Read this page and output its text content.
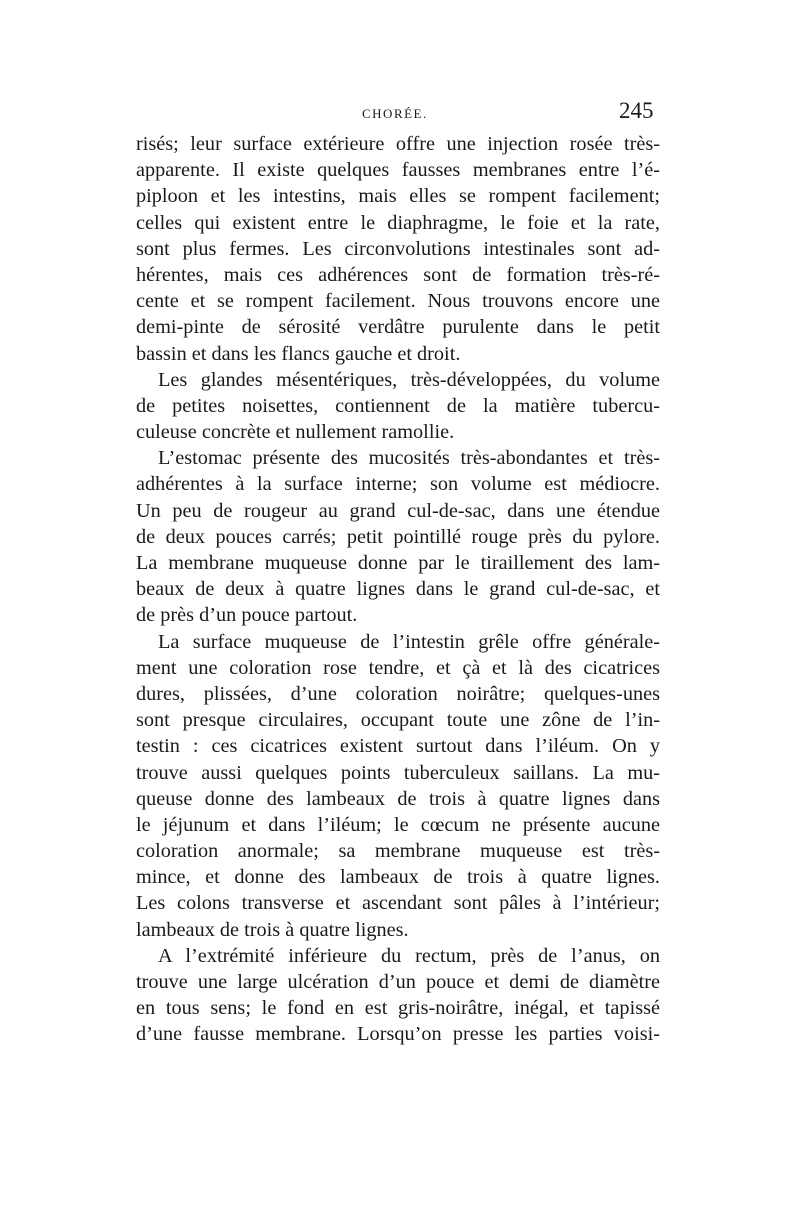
CHORÉE.	245
risés; leur surface extérieure offre une injection rosée très-
apparente. Il existe quelques fausses membranes entre l’é-
piploon et les intestins, mais elles se rompent facilement;
celles qui existent entre le diaphragme, le foie et la rate,
sont plus fermes. Les circonvolutions intestinales sont ad-
hérentes, mais ces adhérences sont de formation très-ré-
cente et se rompent facilement. Nous trouvons encore une
demi-pinte de sérosité verdâtre purulente dans le petit
bassin et dans les flancs gauche et droit.
Les glandes mésentériques, très-développées, du volume
de petites noisettes, contiennent de la matière tubercu-
culeuse concrète et nullement ramollie.
L’estomac présente des mucosités très-abondantes et très-
adhérentes à la surface interne; son volume est médiocre.
Un peu de rougeur au grand cul-de-sac, dans une étendue
de deux pouces carrés; petit pointillé rouge près du pylore.
La membrane muqueuse donne par le tiraillement des lam-
beaux de deux à quatre lignes dans le grand cul-de-sac, et
de près d’un pouce partout.
La surface muqueuse de l’intestin grêle offre générale-
ment une coloration rose tendre, et çà et là des cicatrices
dures, plissées, d’une coloration noirâtre; quelques-unes
sont presque circulaires, occupant toute une zône de l’in-
testin : ces cicatrices existent surtout dans l’iléum. On y
trouve aussi quelques points tuberculeux saillans. La mu-
queuse donne des lambeaux de trois à quatre lignes dans
le jéjunum et dans l’iléum; le cœcum ne présente aucune
coloration anormale; sa membrane muqueuse est très-
mince, et donne des lambeaux de trois à quatre lignes.
Les colons transverse et ascendant sont pâles à l’intérieur;
lambeaux de trois à quatre lignes.
A l’extrémité inférieure du rectum, près de l’anus, on
trouve une large ulcération d’un pouce et demi de diamètre
en tous sens; le fond en est gris-noirâtre, inégal, et tapissé
d’une fausse membrane. Lorsqu’on presse les parties voisi-
